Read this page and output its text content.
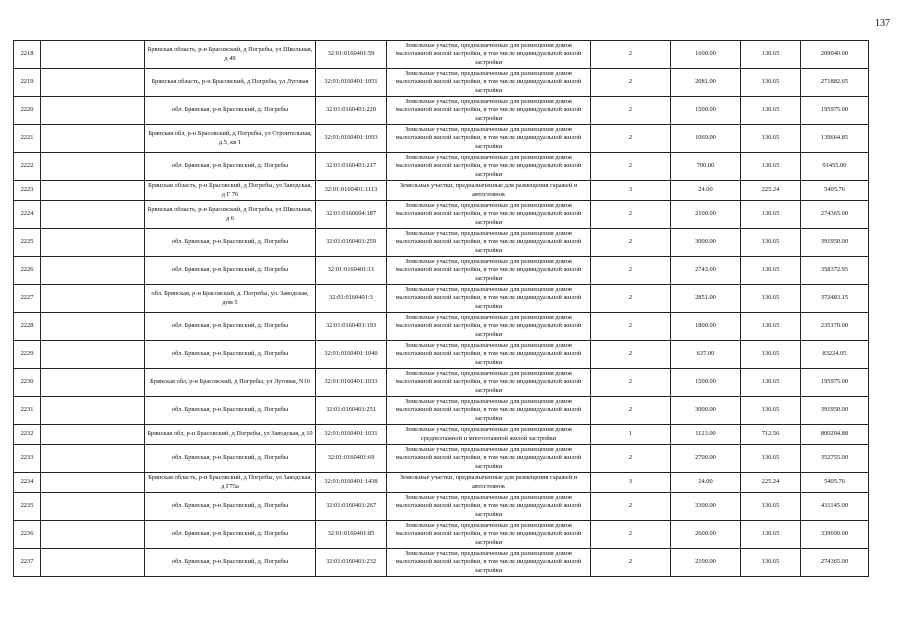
137
2218		Брянская область, р-н Брасовский, д Погребы, ул Школьная, д 49	32:01:0160401:59	Земельные участки, предназначенные для размещения домов малоэтажной жилой застройки, в том числе индивидуальной жилой застройки	2	1600.00	130.65	209040.00
2219		Брянская область, р-н Брасовский, д Погребы, ул Луговая	32:01:0160401:1051	Земельные участки, предназначенные для размещения домов малоэтажной жилой застройки, в том числе индивидуальной жилой застройки	2	2081.00	130.65	271882.65
2220		обл. Брянская, р-н Брасовский, д. Погребы	32:01:0160401:220	Земельные участки, предназначенные для размещения домов малоэтажной жилой застройки, в том числе индивидуальной жилой застройки	2	1500.00	130.65	195975.00
2221		Брянская обл, р-н Брасовский, д Погребы, ул Строительная, д.5, кв 1	32:01:0160401:1093	Земельные участки, предназначенные для размещения домов малоэтажной жилой застройки, в том числе индивидуальной жилой застройки	2	1069.00	130.65	139664.85
2222		обл. Брянская, р-н Брасовский, д. Погребы	32:01:0160401:217	Земельные участки, предназначенные для размещения домов малоэтажной жилой застройки, в том числе индивидуальной жилой застройки	2	700.00	130.65	91455.00
2223		Брянская область, р-н Брасовский, д Погребы, ул Заводская, д Г 76	32:01:0160401:1113	Земельные участки, предназначенные для размещения гаражей и автостоянок	3	24.00	225.24	5405.76
2224		Брянская область, р-н Брасовский, д Погребы, ул Школьная, д 6	32:01:0160604:187	Земельные участки, предназначенные для размещения домов малоэтажной жилой застройки, в том числе индивидуальной жилой застройки	2	2100.00	130.65	274365.00
2225		обл. Брянская, р-н Брасовский, д. Погребы	32:01:0160401:259	Земельные участки, предназначенные для размещения домов малоэтажной жилой застройки, в том числе индивидуальной жилой застройки	2	3000.00	130.65	391950.00
2226		обл. Брянская, р-н Брасовский, д. Погребы	32:01:0160401:11	Земельные участки, предназначенные для размещения домов малоэтажной жилой застройки, в том числе индивидуальной жилой застройки	2	2743.00	130.65	358372.95
2227		обл. Брянская, р-н Брасовский, д. Погребы, ул. Заводская, дом 5	32:01:0160401:3	Земельные участки, предназначенные для размещения домов малоэтажной жилой застройки, в том числе индивидуальной жилой застройки	2	2851.00	130.65	372483.15
2228		обл. Брянская, р-н Брасовский, д. Погребы	32:01:0160401:193	Земельные участки, предназначенные для размещения домов малоэтажной жилой застройки, в том числе индивидуальной жилой застройки	2	1800.00	130.65	235170.00
2229		обл. Брянская, р-н Брасовский, д. Погребы	32:01:0160401:1040	Земельные участки, предназначенные для размещения домов малоэтажной жилой застройки, в том числе индивидуальной жилой застройки	2	637.00	130.65	83224.05
2230		Брянская обл, р-н Брасовский, д Погребы, ул Луговая, N10	32:01:0160401:1033	Земельные участки, предназначенные для размещения домов малоэтажной жилой застройки, в том числе индивидуальной жилой застройки	2	1500.00	130.65	195975.00
2231		обл. Брянская, р-н Брасовский, д. Погребы	32:01:0160401:251	Земельные участки, предназначенные для размещения домов малоэтажной жилой застройки, в том числе индивидуальной жилой застройки	2	3000.00	130.65	391950.00
2232		Брянская обл, р-н Брасовский, д Погребы, ул Заводская, д 10	32:01:0160401:1031	Земельные участки, предназначенные для размещения домов среднеэтажной и многоэтажной жилой застройки	1	1123.00	712.56	800204.88
2233		обл. Брянская, р-н Брасовский, д. Погребы	32:01:0160401:69	Земельные участки, предназначенные для размещения домов малоэтажной жилой застройки, в том числе индивидуальной жилой застройки	2	2700.00	130.65	352755.00
2234		Брянская область, р-н Брасовский, д Погребы, ул Заводская, д Г75а	32:01:0160401:1438	Земельные участки, предназначенные для размещения гаражей и автостоянок	3	24.00	225.24	5405.76
2235		обл. Брянская, р-н Брасовский, д. Погребы	32:01:0160401:267	Земельные участки, предназначенные для размещения домов малоэтажной жилой застройки, в том числе индивидуальной жилой застройки	2	3300.00	130.65	431145.00
2236		обл. Брянская, р-н Брасовский, д. Погребы	32:01:0160401:85	Земельные участки, предназначенные для размещения домов малоэтажной жилой застройки, в том числе индивидуальной жилой застройки	2	2600.00	130.65	339690.00
2237		обл. Брянская, р-н Брасовский, д. Погребы	32:01:0160401:232	Земельные участки, предназначенные для размещения домов малоэтажной жилой застройки, в том числе индивидуальной жилой застройки	2	2100.00	130.65	274365.00
